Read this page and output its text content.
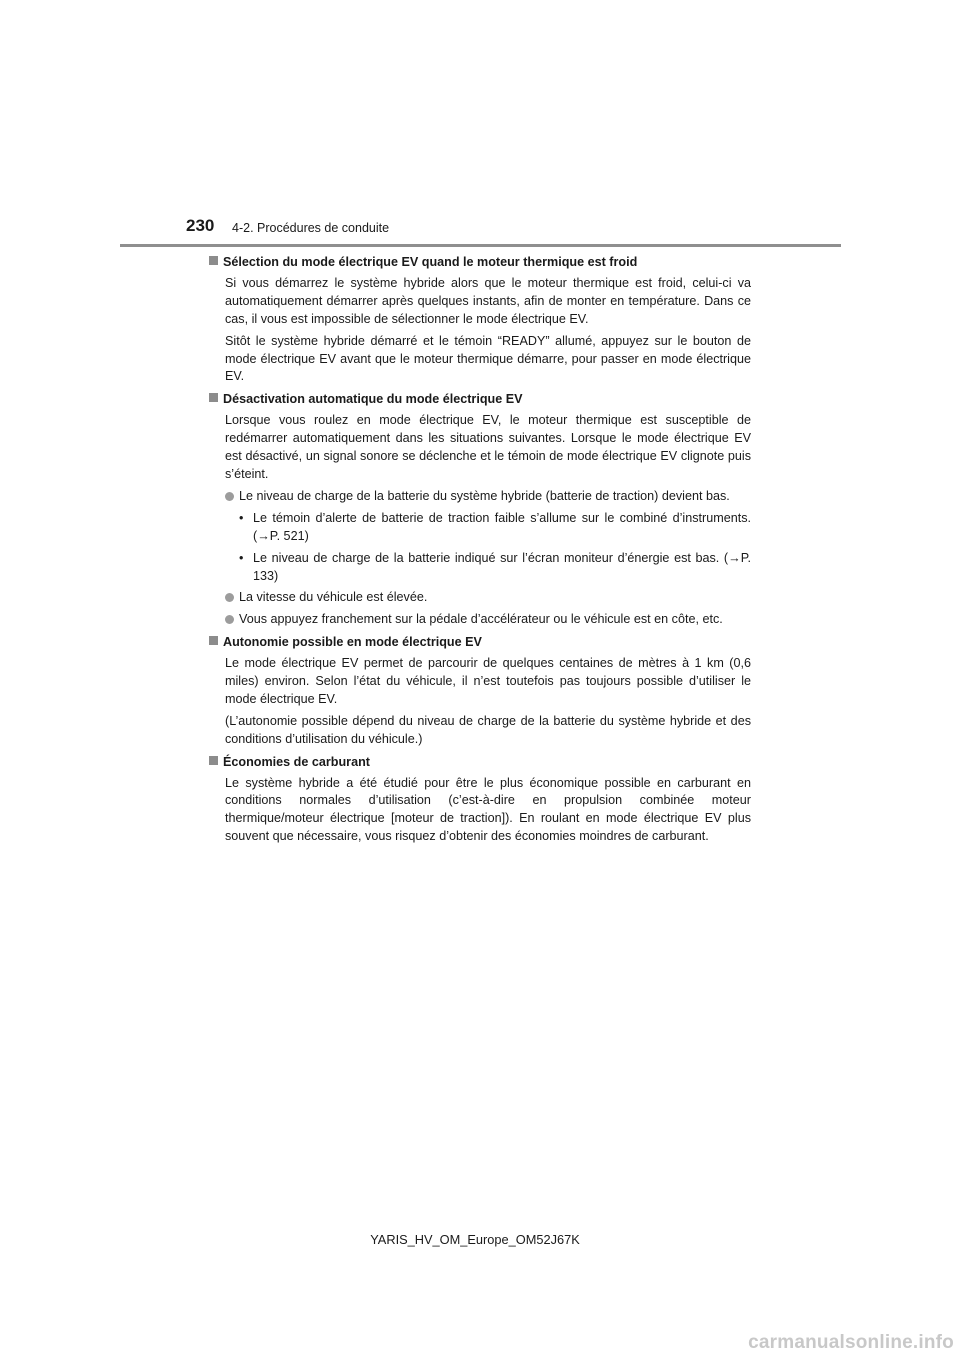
230 4-2. Procédures de conduite
Sélection du mode électrique EV quand le moteur thermique est froid
Si vous démarrez le système hybride alors que le moteur thermique est froid, celui-ci va automatiquement démarrer après quelques instants, afin de monter en température. Dans ce cas, il vous est impossible de sélectionner le mode électrique EV.
Sitôt le système hybride démarré et le témoin “READY” allumé, appuyez sur le bouton de mode électrique EV avant que le moteur thermique démarre, pour passer en mode électrique EV.
Désactivation automatique du mode électrique EV
Lorsque vous roulez en mode électrique EV, le moteur thermique est susceptible de redémarrer automatiquement dans les situations suivantes. Lorsque le mode électrique EV est désactivé, un signal sonore se déclenche et le témoin de mode électrique EV clignote puis s’éteint.
Le niveau de charge de la batterie du système hybride (batterie de traction) devient bas.
• Le témoin d’alerte de batterie de traction faible s’allume sur le combiné d’instruments. (→P. 521)
• Le niveau de charge de la batterie indiqué sur l’écran moniteur d’énergie est bas. (→P. 133)
La vitesse du véhicule est élevée.
Vous appuyez franchement sur la pédale d’accélérateur ou le véhicule est en côte, etc.
Autonomie possible en mode électrique EV
Le mode électrique EV permet de parcourir de quelques centaines de mètres à 1 km (0,6 miles) environ. Selon l’état du véhicule, il n’est toutefois pas toujours possible d’utiliser le mode électrique EV.
(L’autonomie possible dépend du niveau de charge de la batterie du système hybride et des conditions d’utilisation du véhicule.)
Économies de carburant
Le système hybride a été étudié pour être le plus économique possible en carburant en conditions normales d’utilisation (c’est-à-dire en propulsion combinée moteur thermique/moteur électrique [moteur de traction]). En roulant en mode électrique EV plus souvent que nécessaire, vous risquez d’obtenir des économies moindres de carburant.
YARIS_HV_OM_Europe_OM52J67K
carmanualsonline.info
